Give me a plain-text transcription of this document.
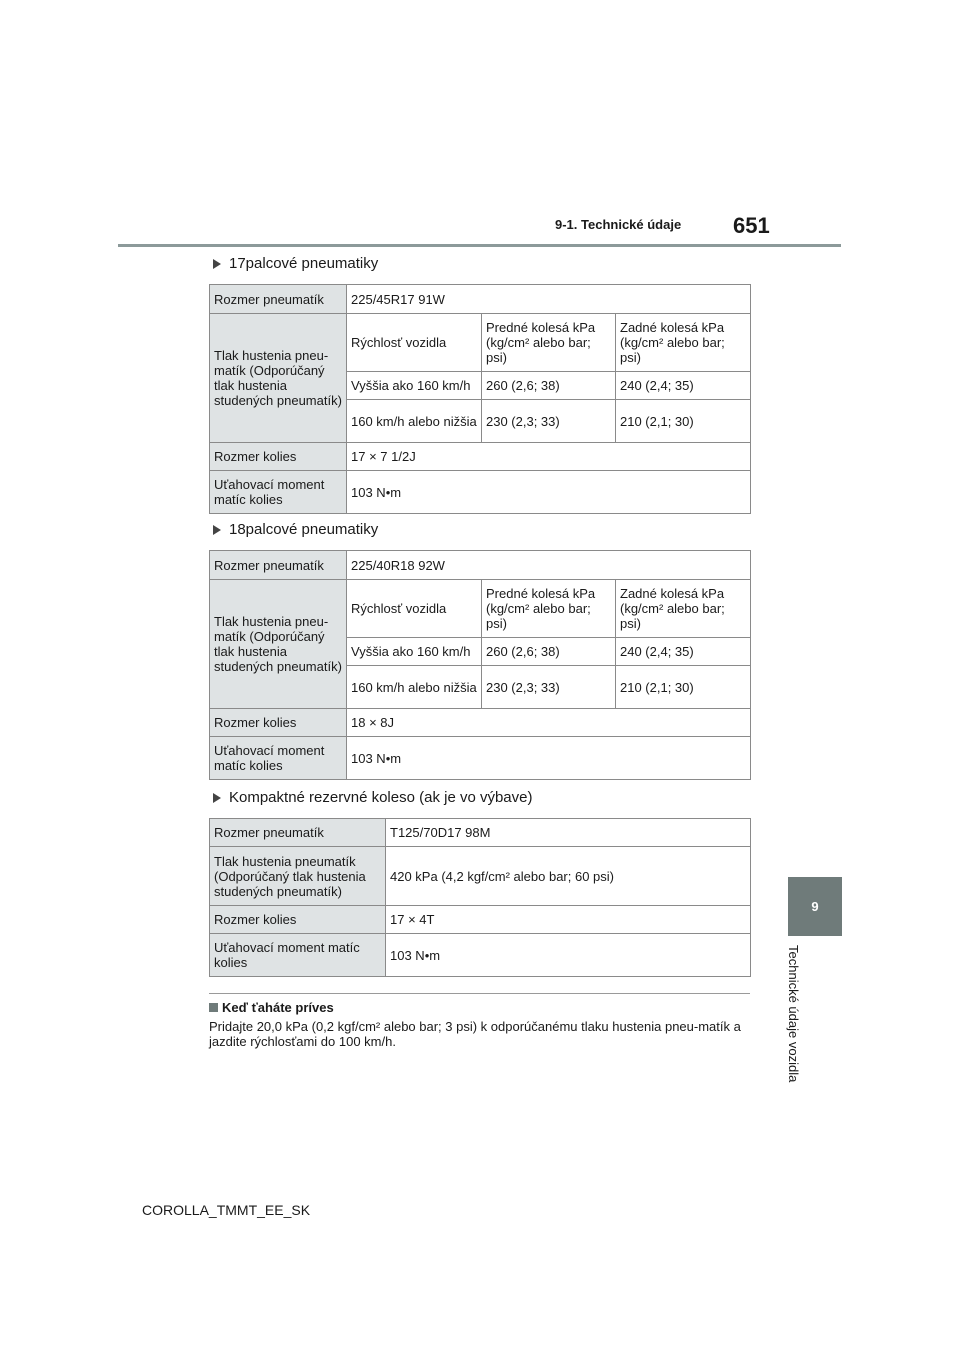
9-1. Technické údaje 651
9
Technické údaje vozidla
17palcové pneumatiky
Rozmer pneumatík	225/45R17 91W		
Tlak hustenia pneu-matík (Odporúčaný tlak hustenia studených pneumatík)	Rýchlosť vozidla	Predné kolesá kPa (kg/cm² alebo bar; psi)	Zadné kolesá kPa (kg/cm² alebo bar; psi)
	Vyššia ako 160 km/h	260 (2,6; 38)	240 (2,4; 35)
	160 km/h alebo nižšia	230 (2,3; 33)	210 (2,1; 30)
Rozmer kolies	17 × 7 1/2J		
Uťahovací moment matíc kolies	103 N•m		
18palcové pneumatiky
Rozmer pneumatík	225/40R18 92W		
Tlak hustenia pneu-matík (Odporúčaný tlak hustenia studených pneumatík)	Rýchlosť vozidla	Predné kolesá kPa (kg/cm² alebo bar; psi)	Zadné kolesá kPa (kg/cm² alebo bar; psi)
	Vyššia ako 160 km/h	260 (2,6; 38)	240 (2,4; 35)
	160 km/h alebo nižšia	230 (2,3; 33)	210 (2,1; 30)
Rozmer kolies	18 × 8J		
Uťahovací moment matíc kolies	103 N•m		
Kompaktné rezervné koleso (ak je vo výbave)
Rozmer pneumatík	T125/70D17 98M
Tlak hustenia pneumatík (Odporúčaný tlak hustenia studených pneumatík)	420 kPa (4,2 kgf/cm² alebo bar; 60 psi)
Rozmer kolies	17 × 4T
Uťahovací moment matíc kolies	103 N•m
Keď ťaháte príves
Pridajte 20,0 kPa (0,2 kgf/cm² alebo bar; 3 psi) k odporúčanému tlaku hustenia pneu-matík a jazdite rýchlosťami do 100 km/h.
COROLLA_TMMT_EE_SK
